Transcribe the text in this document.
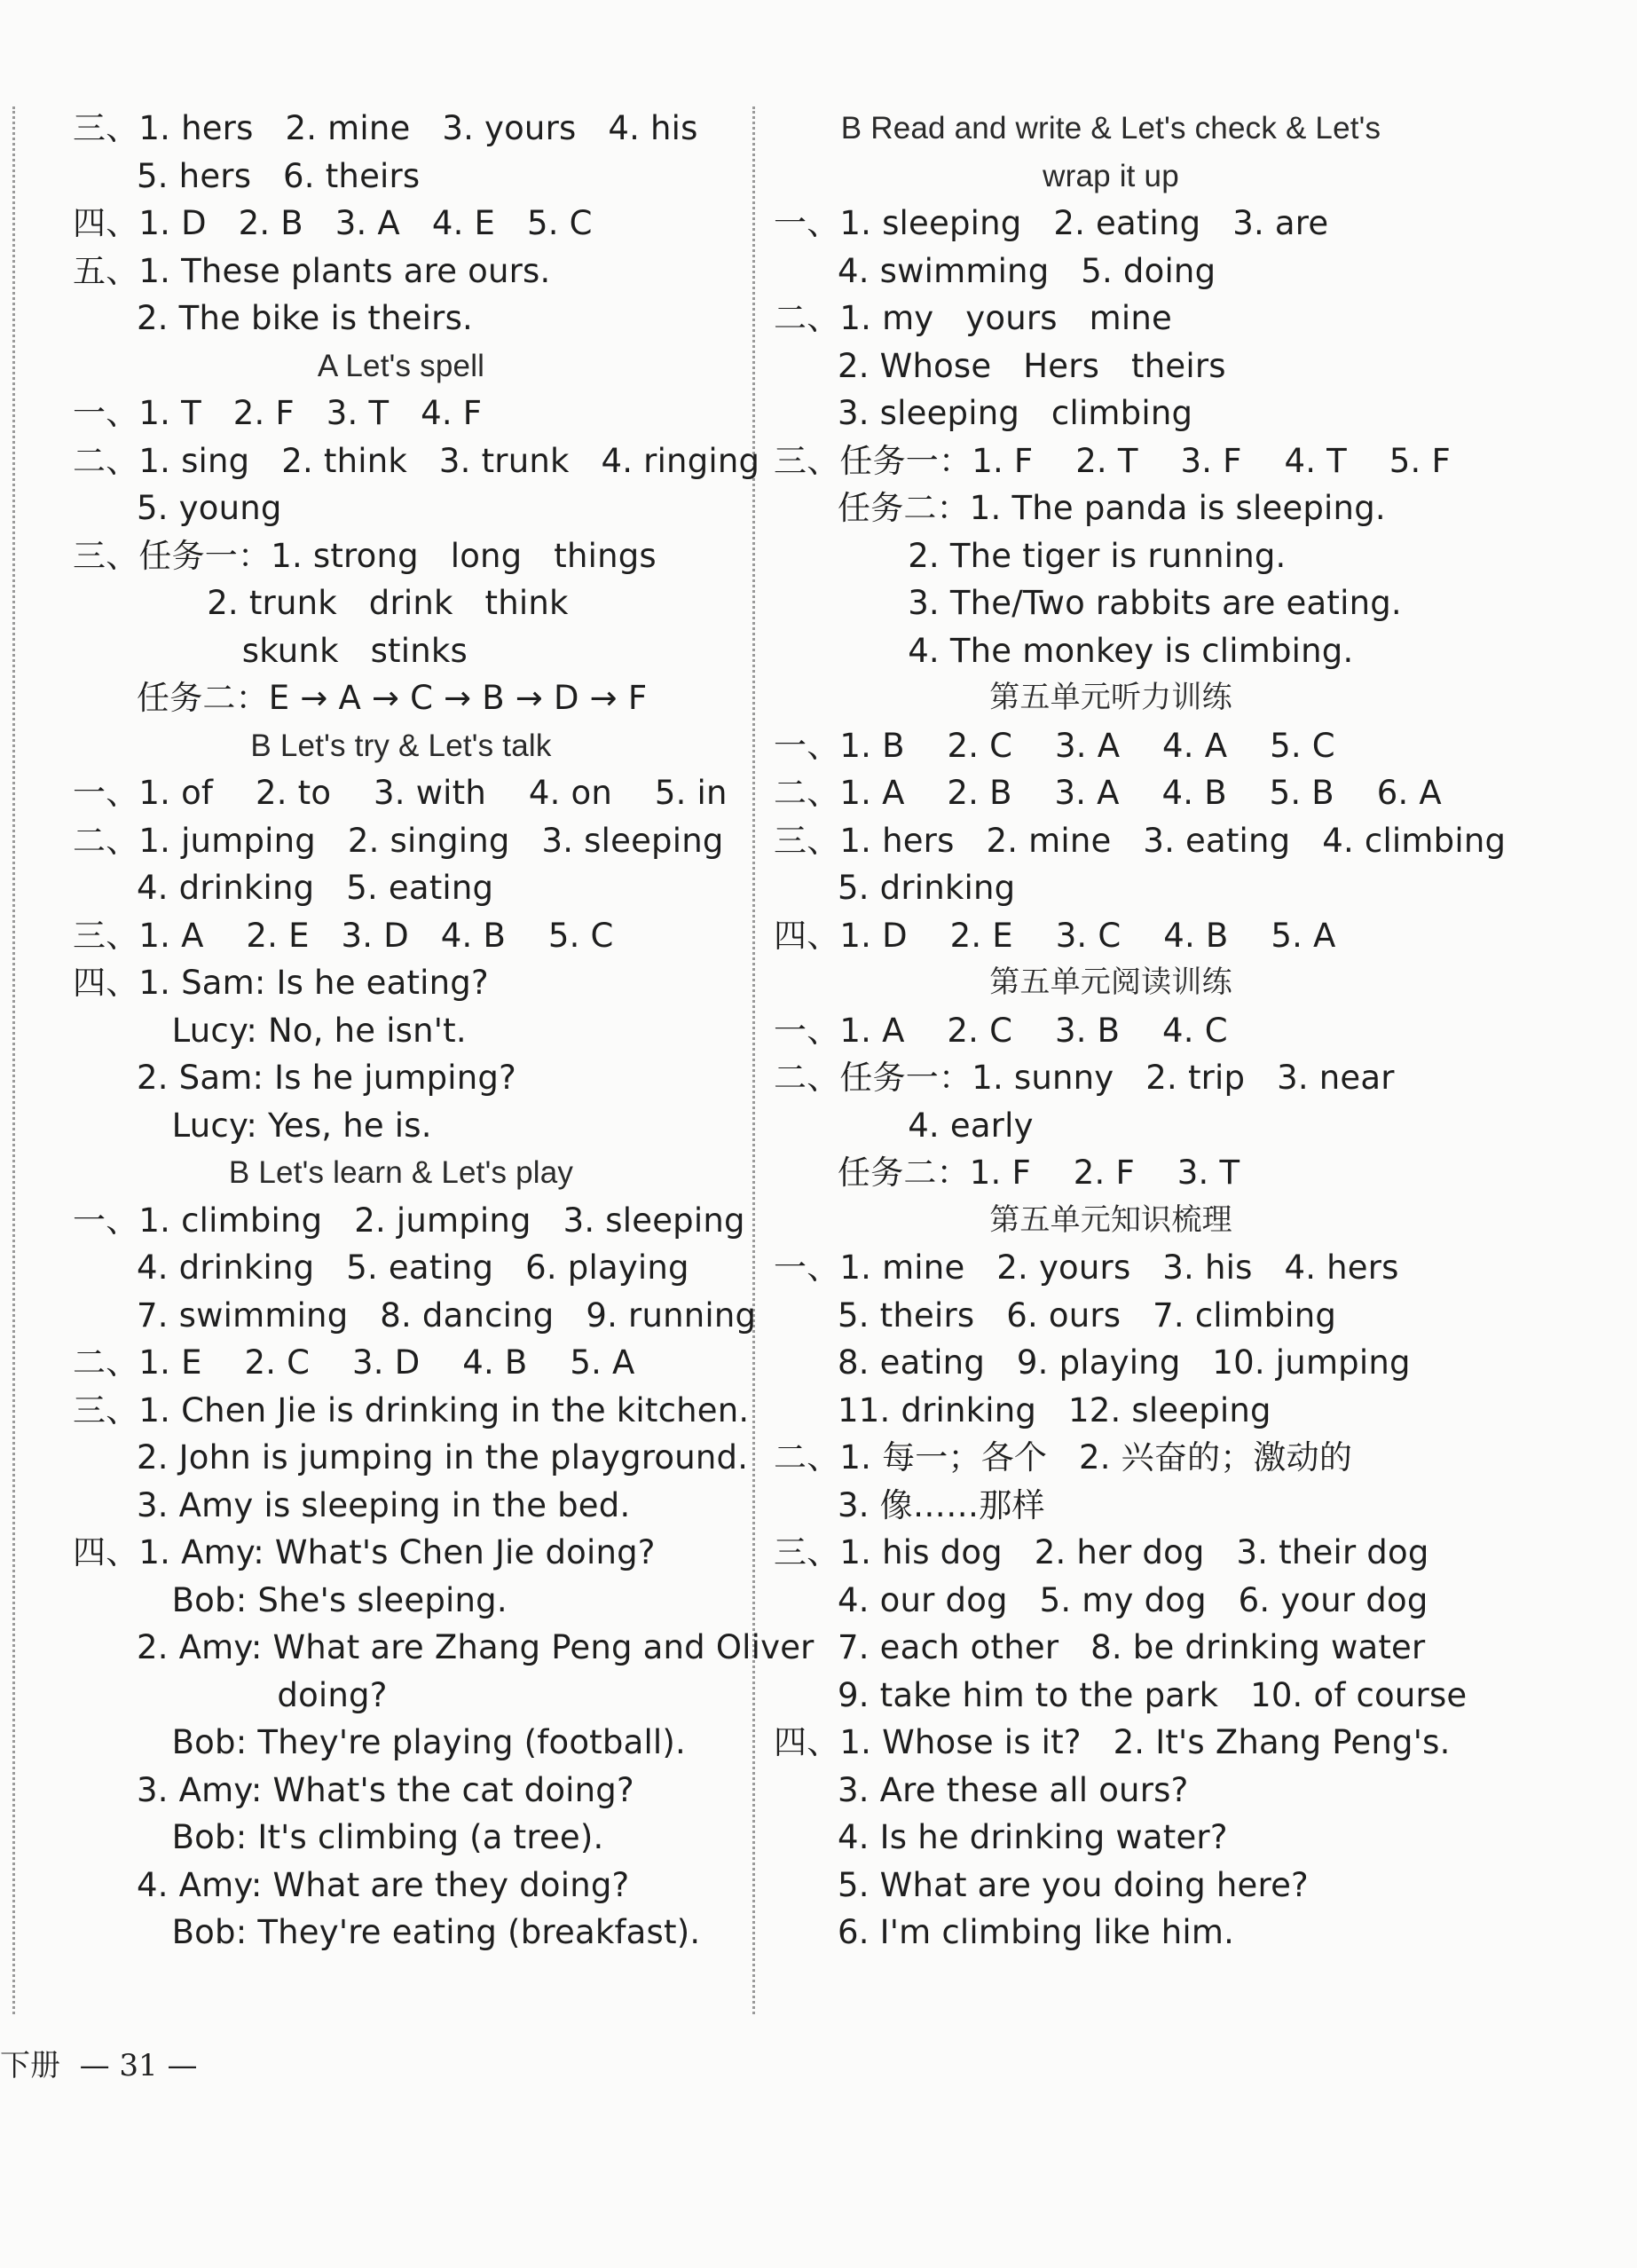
三、1. hers   2. mine   3. yours   4. his
5. hers   6. theirs
四、1. D   2. B   3. A   4. E   5. C
五、1. These plants are ours.
2. The bike is theirs.
A Let's spell
一、1. T   2. F   3. T   4. F
二、1. sing   2. think   3. trunk   4. ringing
5. young
三、任务一：1. strong   long   things
2. trunk   drink   think
skunk   stinks
任务二：E → A → C → B → D → F
B Let's try & Let's talk
一、1. of    2. to    3. with    4. on    5. in
二、1. jumping   2. singing   3. sleeping
4. drinking   5. eating
三、1. A    2. E   3. D   4. B    5. C
四、1. Sam: Is he eating?
Lucy: No, he isn't.
2. Sam: Is he jumping?
Lucy: Yes, he is.
B Let's learn & Let's play
一、1. climbing   2. jumping   3. sleeping
4. drinking   5. eating   6. playing
7. swimming   8. dancing   9. running
二、1. E    2. C    3. D    4. B    5. A
三、1. Chen Jie is drinking in the kitchen.
2. John is jumping in the playground.
3. Amy is sleeping in the bed.
四、1. Amy: What's Chen Jie doing?
Bob: She's sleeping.
2. Amy: What are Zhang Peng and Oliver
doing?
Bob: They're playing (football).
3. Amy: What's the cat doing?
Bob: It's climbing (a tree).
4. Amy: What are they doing?
Bob: They're eating (breakfast).
B Read and write & Let's check & Let's
wrap it up
一、1. sleeping   2. eating   3. are
4. swimming   5. doing
二、1. my   yours   mine
2. Whose   Hers   theirs
3. sleeping   climbing
三、任务一：1. F    2. T    3. F    4. T    5. F
任务二：1. The panda is sleeping.
2. The tiger is running.
3. The/Two rabbits are eating.
4. The monkey is climbing.
第五单元听力训练
一、1. B    2. C    3. A    4. A    5. C
二、1. A    2. B    3. A    4. B    5. B    6. A
三、1. hers   2. mine   3. eating   4. climbing
5. drinking
四、1. D    2. E    3. C    4. B    5. A
第五单元阅读训练
一、1. A    2. C    3. B    4. C
二、任务一：1. sunny   2. trip   3. near
4. early
任务二：1. F    2. F    3. T
第五单元知识梳理
一、1. mine   2. yours   3. his   4. hers
5. theirs   6. ours   7. climbing
8. eating   9. playing   10. jumping
11. drinking   12. sleeping
二、1. 每一；各个   2. 兴奋的；激动的
3. 像……那样
三、1. his dog   2. her dog   3. their dog
4. our dog   5. my dog   6. your dog
7. each other   8. be drinking water
9. take him to the park   10. of course
四、1. Whose is it?   2. It's Zhang Peng's.
3. Are these all ours?
4. Is he drinking water?
5. What are you doing here?
6. I'm climbing like him.
下册  — 31 —
